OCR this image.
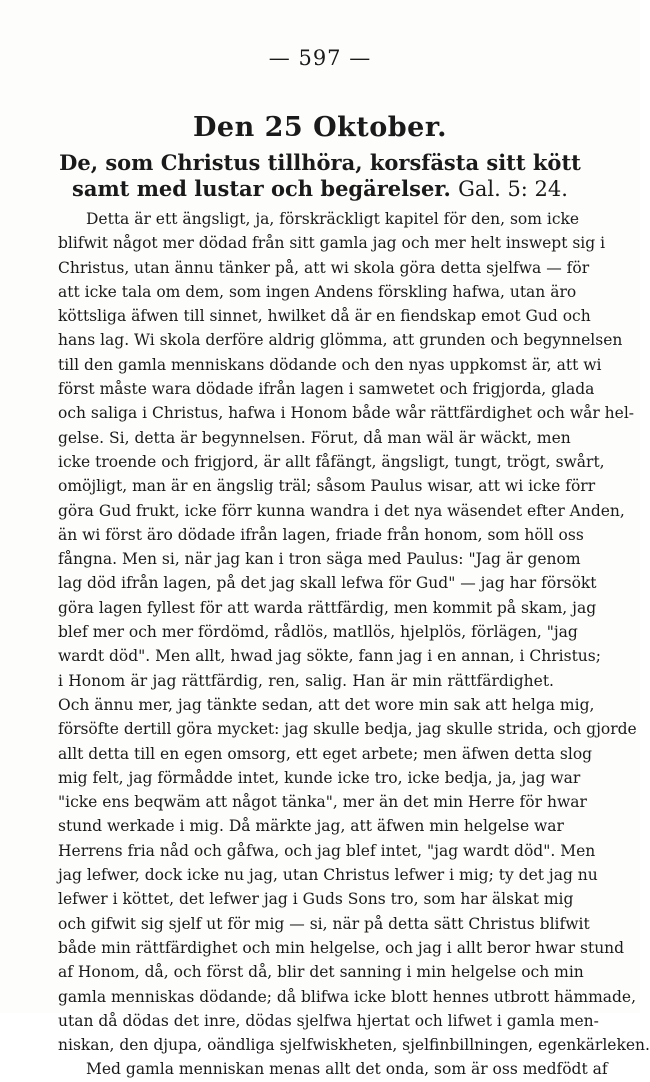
— 597 —
Den 25 Oktober.
De, som Christus tillhöra, korsfästa sitt kött samt med lustar och begärelser. Gal. 5: 24.
Detta är ett ängsligt, ja, förskräckligt kapitel för den, som icke
blifwit något mer dödad från sitt gamla jag och mer helt inswept sig i
Christus, utan ännu tänker på, att wi skola göra detta sjelfwa — för
att icke tala om dem, som ingen Andens förskling hafwa, utan äro
köttsliga äfwen till sinnet, hwilket då är en fiendskap emot Gud och
hans lag. Wi skola derföre aldrig glömma, att grunden och begynnelsen
till den gamla menniskans dödande och den nyas uppkomst är, att wi
först måste wara dödade ifrån lagen i samwetet och frigjorda, glada
och saliga i Christus, hafwa i Honom både wår rättfärdighet och wår hel-
gelse. Si, detta är begynnelsen. Förut, då man wäl är wäckt, men
icke troende och frigjord, är allt fåfängt, ängsligt, tungt, trögt, swårt,
omöjligt, man är en ängslig träl; såsom Paulus wisar, att wi icke förr
göra Gud frukt, icke förr kunna wandra i det nya wäsendet efter Anden,
än wi först äro dödade ifrån lagen, friade från honom, som höll oss
fångna. Men si, när jag kan i tron säga med Paulus: "Jag är genom
lag död ifrån lagen, på det jag skall lefwa för Gud" — jag har försökt
göra lagen fyllest för att warda rättfärdig, men kommit på skam, jag
blef mer och mer fördömd, rådlös, matllös, hjelplös, förlägen, "jag
wardt död". Men allt, hwad jag sökte, fann jag i en annan, i Christus;
i Honom är jag rättfärdig, ren, salig. Han är min rättfärdighet.
Och ännu mer, jag tänkte sedan, att det wore min sak att helga mig,
försöfte dertill göra mycket: jag skulle bedja, jag skulle strida, och gjorde
allt detta till en egen omsorg, ett eget arbete; men äfwen detta slog
mig felt, jag förmådde intet, kunde icke tro, icke bedja, ja, jag war
"icke ens beqwäm att något tänka", mer än det min Herre för hwar
stund werkade i mig. Då märkte jag, att äfwen min helgelse war
Herrens fria nåd och gåfwa, och jag blef intet, "jag wardt död". Men
jag lefwer, dock icke nu jag, utan Christus lefwer i mig; ty det jag nu
lefwer i köttet, det lefwer jag i Guds Sons tro, som har älskat mig
och gifwit sig sjelf ut för mig — si, när på detta sätt Christus blifwit
både min rättfärdighet och min helgelse, och jag i allt beror hwar stund
af Honom, då, och först då, blir det sanning i min helgelse och min
gamla menniskas dödande; då blifwa icke blott hennes utbrott hämmade,
utan då dödas det inre, dödas sjelfwa hjertat och lifwet i gamla men-
niskan, den djupa, oändliga sjelfwiskheten, sjelfinbillningen, egenkärleken.
Med gamla menniskan menas allt det onda, som är oss medfödt af
